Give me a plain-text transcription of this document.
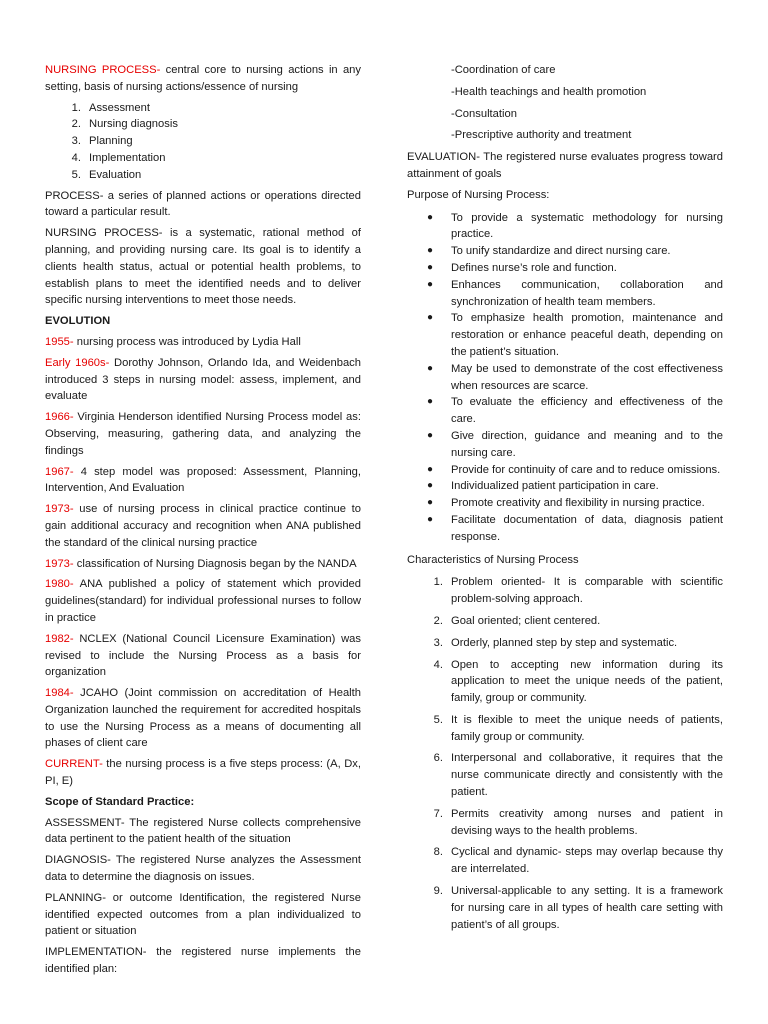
NURSING PROCESS- central core to nursing actions in any setting, basis of nursing actions/essence of nursing

1. Assessment
2. Nursing diagnosis
3. Planning
4. Implementation
5. Evaluation

PROCESS- a series of planned actions or operations directed toward a particular result.

NURSING PROCESS- is a systematic, rational method of planning, and providing nursing care. Its goal is to identify a clients health status, actual or potential health problems, to establish plans to meet the identified needs and to deliver specific nursing interventions to meet those needs.

EVOLUTION

1955- nursing process was introduced by Lydia Hall

Early 1960s- Dorothy Johnson, Orlando Ida, and Weidenbach introduced 3 steps in nursing model: assess, implement, and evaluate

1966- Virginia Henderson identified Nursing Process model as: Observing, measuring, gathering data, and analyzing the findings

1967- 4 step model was proposed: Assessment, Planning, Intervention, And Evaluation

1973- use of nursing process in clinical practice continue to gain additional accuracy and recognition when ANA published the standard of the clinical nursing practice

1973- classification of Nursing Diagnosis began by the NANDA

1980- ANA published a policy of statement which provided guidelines(standard) for individual professional nurses to follow in practice

1982- NCLEX (National Council Licensure Examination) was revised to include the Nursing Process as a basis for organization

1984- JCAHO (Joint commission on accreditation of Health Organization launched the requirement for accredited hospitals to use the Nursing Process as a means of documenting all phases of client care

CURRENT- the nursing process is a five steps process: (A, Dx, PI, E)

Scope of Standard Practice:

ASSESSMENT- The registered Nurse collects comprehensive data pertinent to the patient health of the situation

DIAGNOSIS- The registered Nurse analyzes the Assessment data to determine the diagnosis on issues.

PLANNING- or outcome Identification, the registered Nurse identified expected outcomes from a plan individualized to patient or situation

IMPLEMENTATION- the registered nurse implements the identified plan:

-Coordination of care
-Health teachings and health promotion
-Consultation
-Prescriptive authority and treatment

EVALUATION- The registered nurse evaluates progress toward attainment of goals

Purpose of Nursing Process:

● To provide a systematic methodology for nursing practice.
● To unify standardize and direct nursing care.
● Defines nurse’s role and function.
● Enhances communication, collaboration and synchronization of health team members.
● To emphasize health promotion, maintenance and restoration or enhance peaceful death, depending on the patient’s situation.
● May be used to demonstrate of the cost effectiveness when resources are scarce.
● To evaluate the efficiency and effectiveness of the care.
● Give direction, guidance and meaning and to the nursing care.
● Provide for continuity of care and to reduce omissions.
● Individualized patient participation in care.
● Promote creativity and flexibility in nursing practice.
● Facilitate documentation of data, diagnosis patient response.

Characteristics of Nursing Process

1. Problem oriented- It is comparable with scientific problem-solving approach.
2. Goal oriented; client centered.
3. Orderly, planned step by step and systematic.
4. Open to accepting new information during its application to meet the unique needs of the patient, family, group or community.
5. It is flexible to meet the unique needs of patients, family group or community.
6. Interpersonal and collaborative, it requires that the nurse communicate directly and consistently with the patient.
7. Permits creativity among nurses and patient in devising ways to the health problems.
8. Cyclical and dynamic- steps may overlap because thy are interrelated.
9. Universal-applicable to any setting. It is a framework for nursing care in all types of health care setting with patient’s of all groups.
